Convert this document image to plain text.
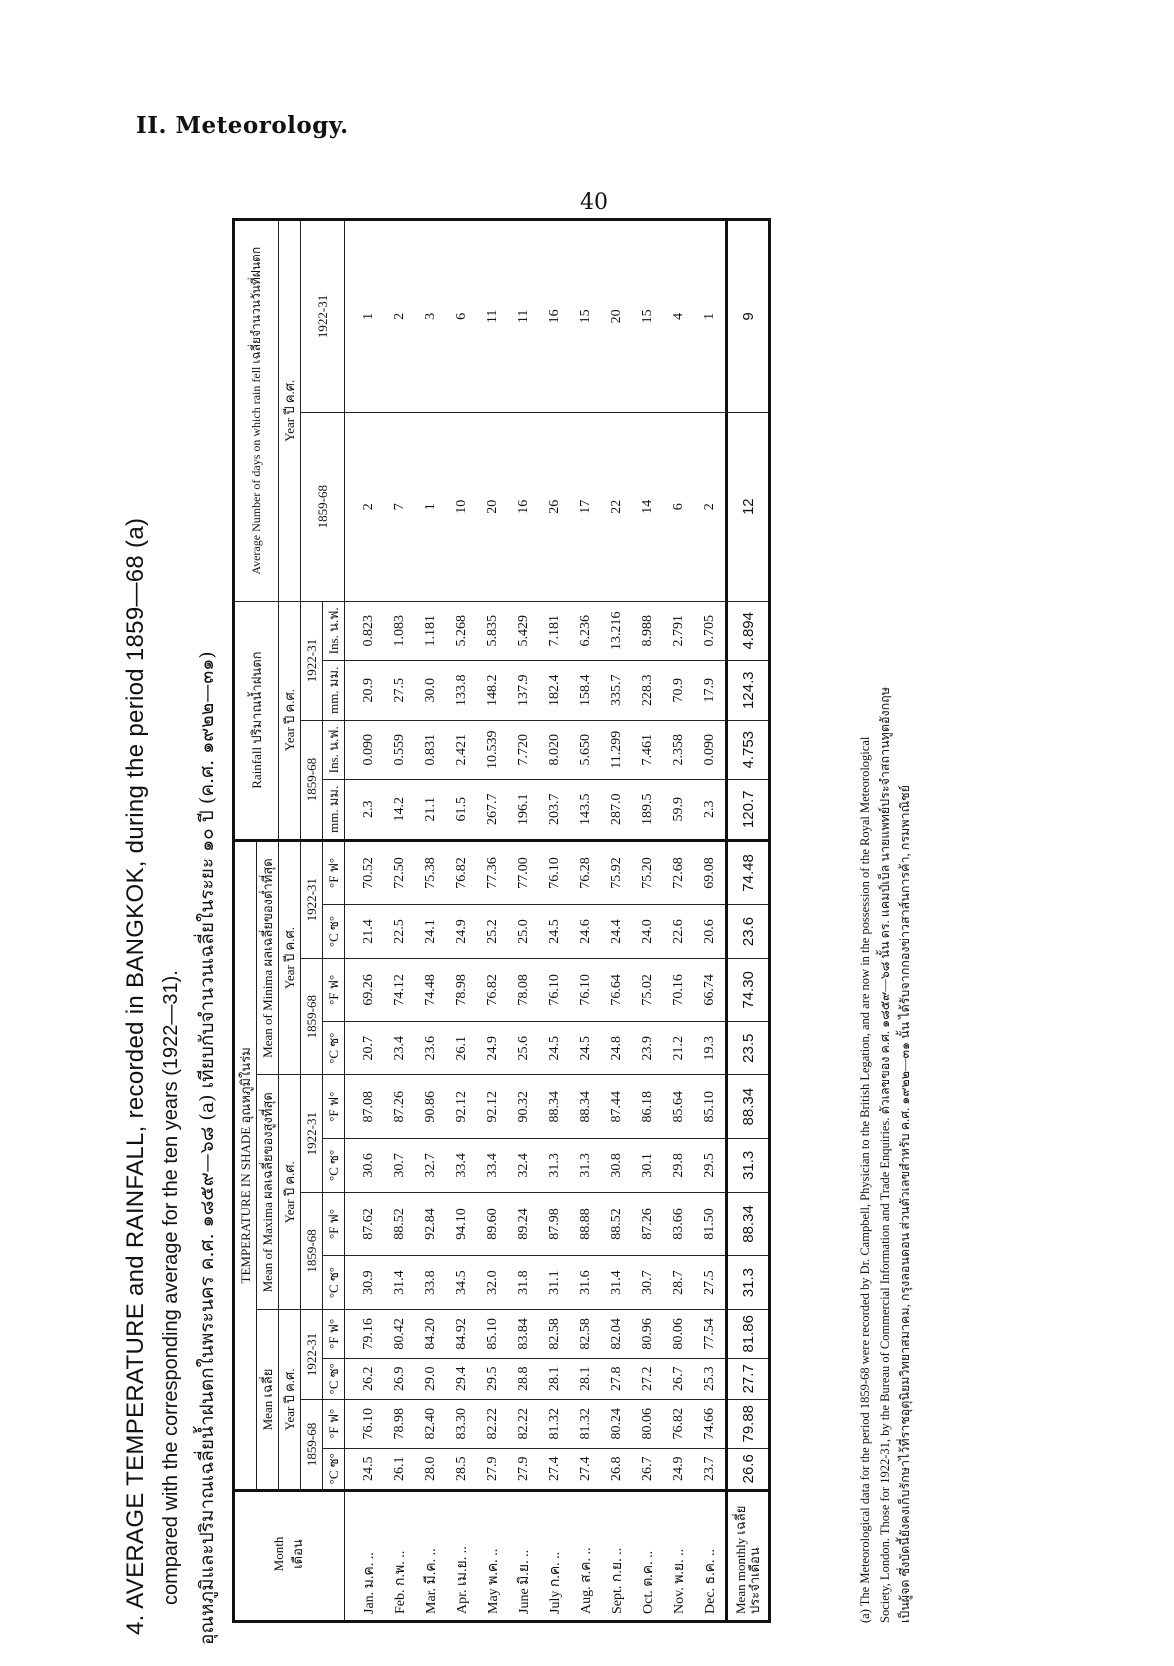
II. Meteorology.
40
4. AVERAGE TEMPERATURE and RAINFALL, recorded in BANGKOK, during the period 1859—68 (a) compared with the corresponding average for the ten years (1922—31). อุณหภูมิและปริมาณเฉลี่ยน้ำฝนตกในพระนคร ค.ศ. ๑๘๕๙—๖๘ (a) เทียบกับจำนวนเฉลี่ยในระยะ ๑๐ ปี (ค.ศ. ๑๙๒๒—๓๑)	Month
เดือน	TEMPERATURE IN SHADE อุณหภูมิในร่ม												Rainfall ปริมาณน้ำฝนตก				Average Number of days on which rain fell เฉลี่ยจำนวนวันที่ฝนตก	
	Mean เฉลี่ย				Mean of Maxima ผลเฉลี่ยของสูงที่สุด				Mean of Minima ผลเฉลี่ยของต่ำที่สุด									
	Year ปี ค.ศ.				Year ปี ค.ศ.				Year ปี ค.ศ.				Year ปี ค.ศ.				Year ปี ค.ศ.	
	1859-68		1922-31		1859-68		1922-31		1859-68		1922-31		1859-68		1922-31		1859-68	1922-31
	°C ซ°	°F ฟ°	°C ซ°	°F ฟ°	°C ซ°	°F ฟ°	°C ซ°	°F ฟ°	°C ซ°	°F ฟ°	°C ซ°	°F ฟ°	mm. มม.	Ins. น.ฟ.	mm. มม.	Ins. น.ฟ.		
Jan. ม.ค. ..	24.5	76.10	26.2	79.16	30.9	87.62	30.6	87.08	20.7	69.26	21.4	70.52	2.3	0.090	20.9	0.823	2	1
Feb. ก.พ. ..	26.1	78.98	26.9	80.42	31.4	88.52	30.7	87.26	23.4	74.12	22.5	72.50	14.2	0.559	27.5	1.083	7	2
Mar. มี.ค. ..	28.0	82.40	29.0	84.20	33.8	92.84	32.7	90.86	23.6	74.48	24.1	75.38	21.1	0.831	30.0	1.181	1	3
Apr. เม.ย. ..	28.5	83.30	29.4	84.92	34.5	94.10	33.4	92.12	26.1	78.98	24.9	76.82	61.5	2.421	133.8	5.268	10	6
May พ.ค. ..	27.9	82.22	29.5	85.10	32.0	89.60	33.4	92.12	24.9	76.82	25.2	77.36	267.7	10.539	148.2	5.835	20	11
June มิ.ย. ..	27.9	82.22	28.8	83.84	31.8	89.24	32.4	90.32	25.6	78.08	25.0	77.00	196.1	7.720	137.9	5.429	16	11
July ก.ค. ..	27.4	81.32	28.1	82.58	31.1	87.98	31.3	88.34	24.5	76.10	24.5	76.10	203.7	8.020	182.4	7.181	26	16
Aug. ส.ค. ..	27.4	81.32	28.1	82.58	31.6	88.88	31.3	88.34	24.5	76.10	24.6	76.28	143.5	5.650	158.4	6.236	17	15
Sept. ก.ย. ..	26.8	80.24	27.8	82.04	31.4	88.52	30.8	87.44	24.8	76.64	24.4	75.92	287.0	11.299	335.7	13.216	22	20
Oct. ต.ค. ..	26.7	80.06	27.2	80.96	30.7	87.26	30.1	86.18	23.9	75.02	24.0	75.20	189.5	7.461	228.3	8.988	14	15
Nov. พ.ย. ..	24.9	76.82	26.7	80.06	28.7	83.66	29.8	85.64	21.2	70.16	22.6	72.68	59.9	2.358	70.9	2.791	6	4
Dec. ธ.ค. ..	23.7	74.66	25.3	77.54	27.5	81.50	29.5	85.10	19.3	66.74	20.6	69.08	2.3	0.090	17.9	0.705	2	1
Mean monthly เฉลี่ยประจำเดือน	26.6	79.88	27.7	81.86	31.3	88.34	31.3	88.34	23.5	74.30	23.6	74.48	120.7	4.753	124.3	4.894	12	9
(a) The Meteorological data for the period 1859-68 were recorded by Dr. Campbell, Physician to the British Legation, and are now in the possession of the Royal Meteorological Society, London. Those for 1922-31, by the Bureau of Commercial Information and Trade Enquiries. ตัวเลขของ ค.ศ. ๑๘๕๙—๖๘ นั้น ดร. แคมป์เบ็ล นายแพทย์ประจำสถานทูตอังกฤษ เป็นผู้จด ซึ่งบัดนี้ยังคงเก็บรักษาไว้ที่ราชอุตุนิยมวิทยาสมาคม, กรุงลอนดอน ส่วนตัวเลขสำหรับ ค.ศ. ๑๙๒๒—๓๑ นั้น ได้รับจากกองข่าวสาส์นการค้า, กรมพาณิชย์
